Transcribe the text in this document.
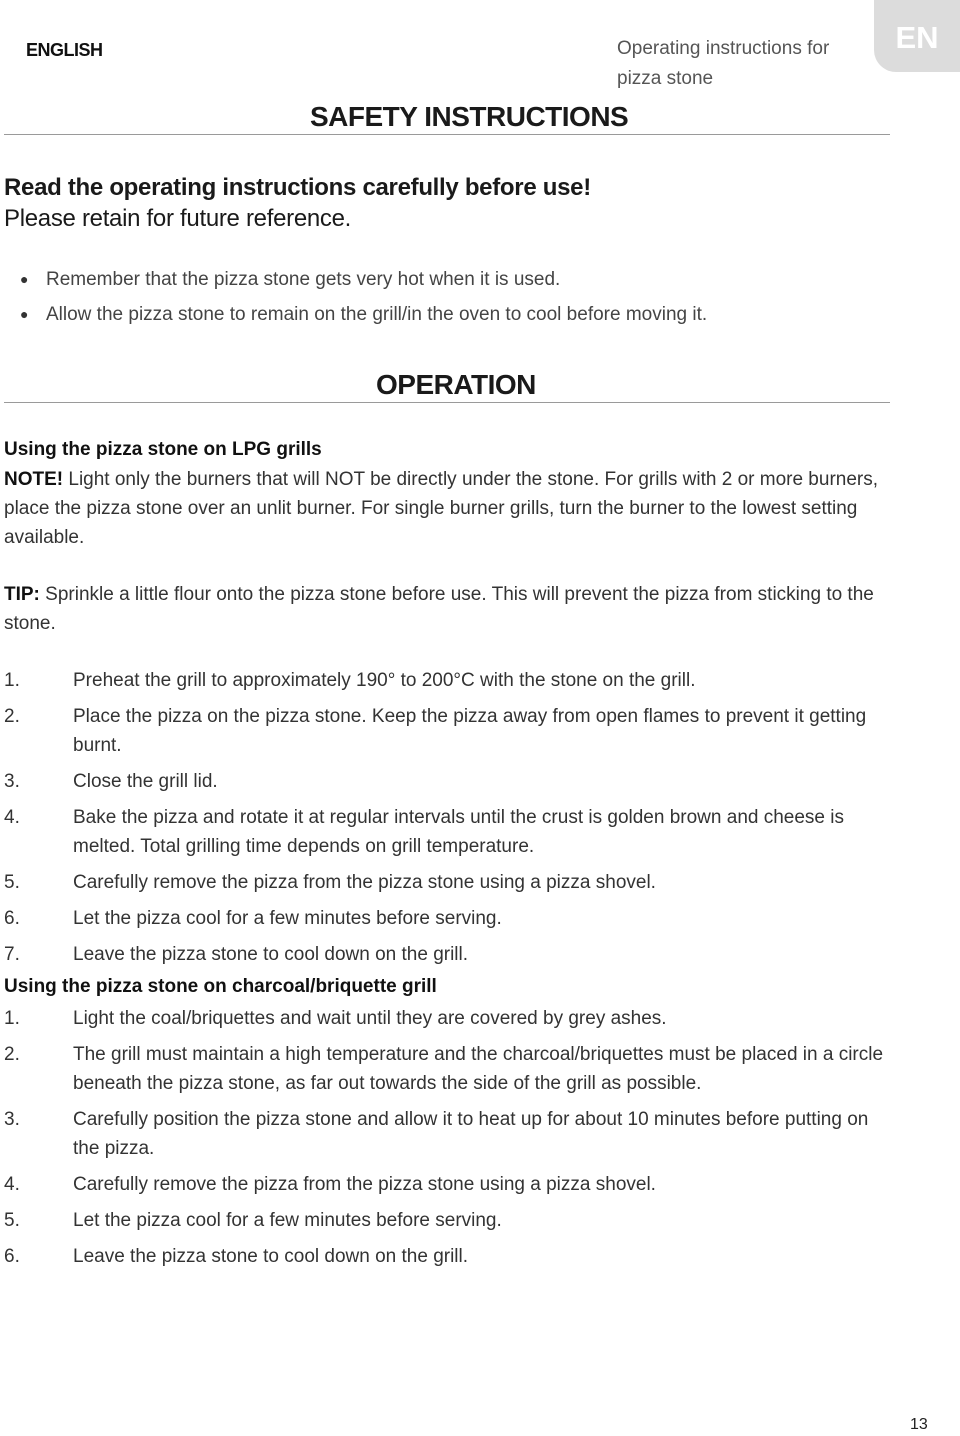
ENGLISH	Operating instructions for pizza stone
EN
SAFETY INSTRUCTIONS
Read the operating instructions carefully before use!
Please retain for future reference.
● Remember that the pizza stone gets very hot when it is used.
● Allow the pizza stone to remain on the grill/in the oven to cool before moving it.
OPERATION
Using the pizza stone on LPG grills
NOTE! Light only the burners that will NOT be directly under the stone. For grills with 2 or more burners, place the pizza stone over an unlit burner. For single burner grills, turn the burner to the lowest setting available.
TIP: Sprinkle a little flour onto the pizza stone before use. This will prevent the pizza from sticking to the stone.
1.	Preheat the grill to approximately 190° to 200°C with the stone on the grill.
2.	Place the pizza on the pizza stone. Keep the pizza away from open flames to prevent it getting burnt.
3.	Close the grill lid.
4.	Bake the pizza and rotate it at regular intervals until the crust is golden brown and cheese is melted. Total grilling time depends on grill temperature.
5.	Carefully remove the pizza from the pizza stone using a pizza shovel.
6.	Let the pizza cool for a few minutes before serving.
7.	Leave the pizza stone to cool down on the grill.
Using the pizza stone on charcoal/briquette grill
1.	Light the coal/briquettes and wait until they are covered by grey ashes.
2.	The grill must maintain a high temperature and the charcoal/briquettes must be placed in a circle beneath the pizza stone, as far out towards the side of the grill as possible.
3.	Carefully position the pizza stone and allow it to heat up for about 10 minutes before putting on the pizza.
4.	Carefully remove the pizza from the pizza stone using a pizza shovel.
5.	Let the pizza cool for a few minutes before serving.
6.	Leave the pizza stone to cool down on the grill.
13
